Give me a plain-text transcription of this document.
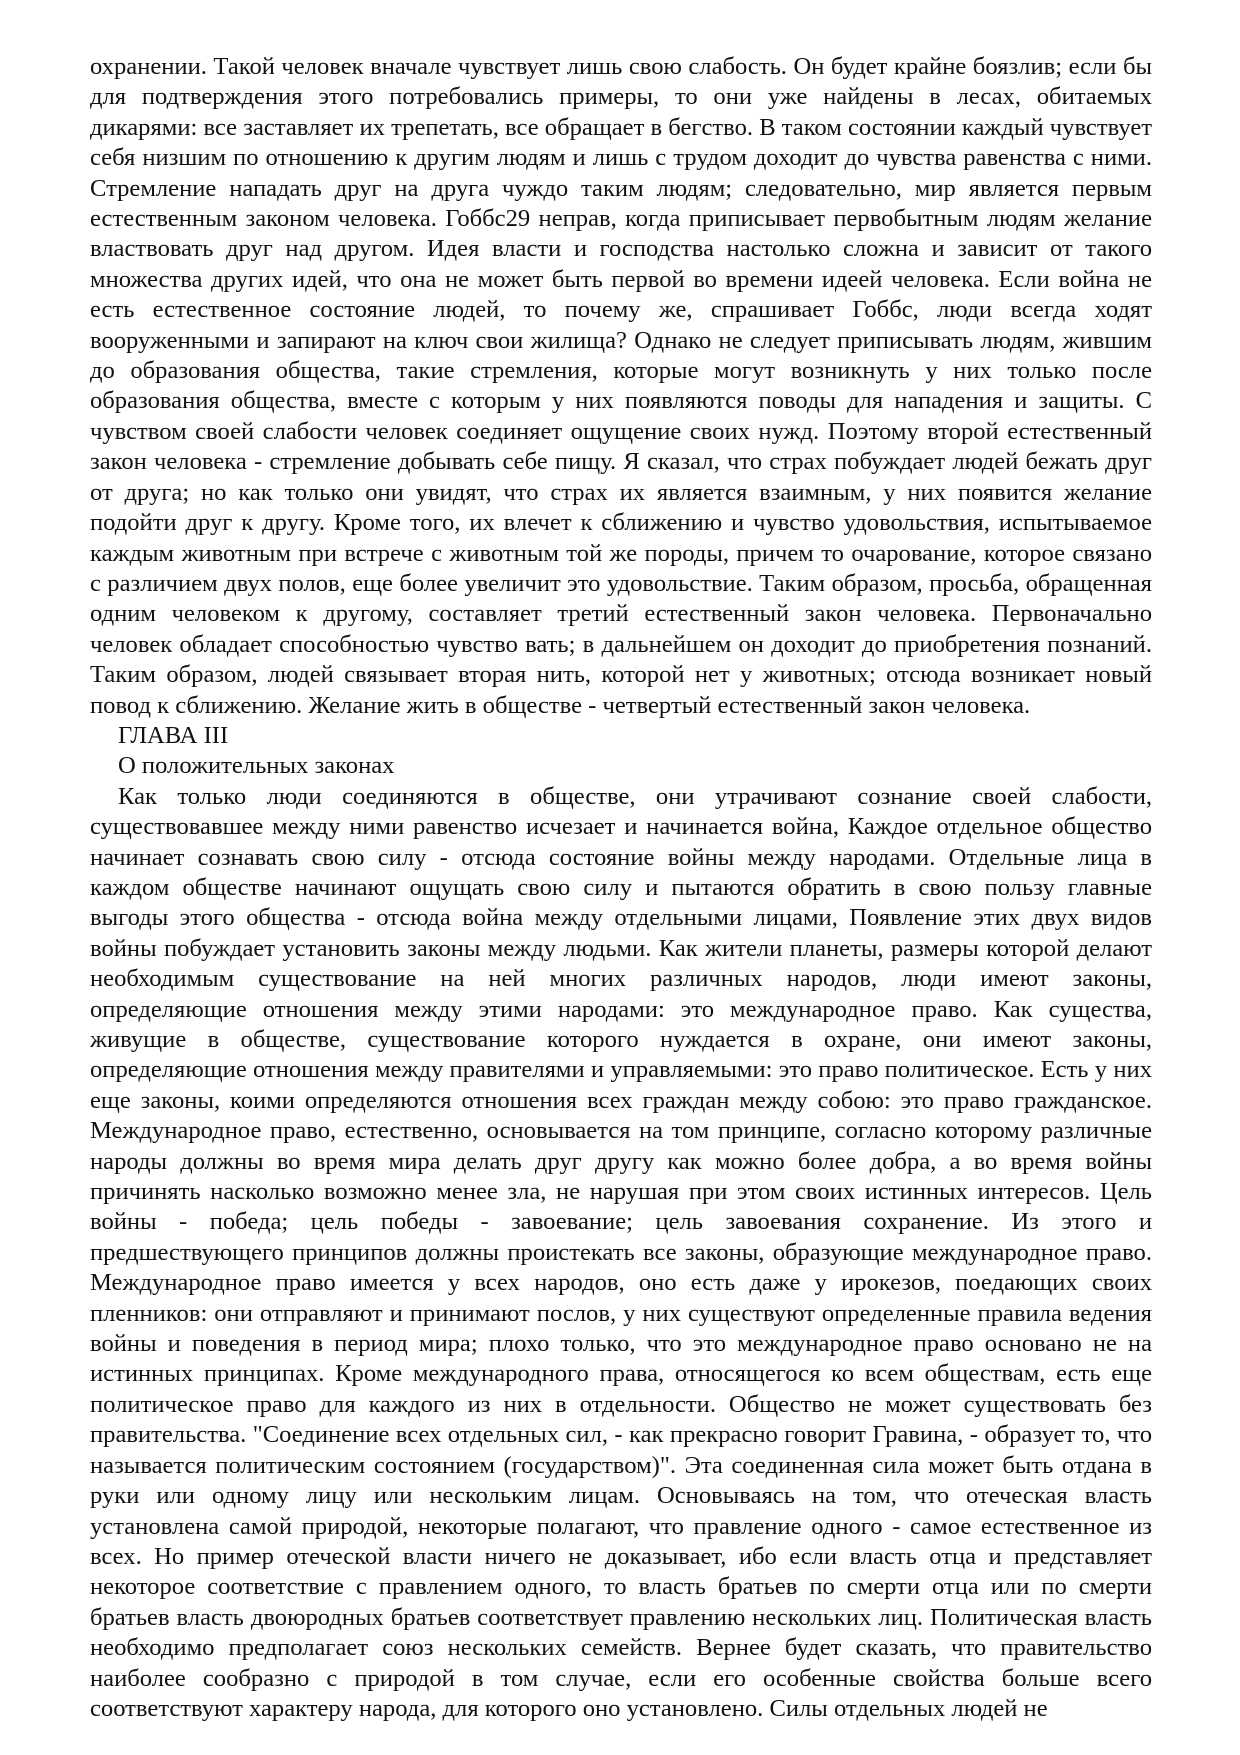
охранении. Такой человек вначале чувствует лишь свою слабость. Он будет крайне боязлив; если бы для подтверждения этого потребовались примеры, то они уже найдены в лесах, обитаемых дикарями: все заставляет их трепетать, все обращает в бегство. В таком состоянии каждый чувствует себя низшим по отношению к другим людям и лишь с трудом доходит до чувства равенства с ними. Стремление нападать друг на друга чуждо таким людям; следовательно, мир является первым естественным законом человека. Гоббс29 неправ, когда приписывает первобытным людям желание властвовать друг над другом. Идея власти и господства настолько сложна и зависит от такого множества других идей, что она не может быть первой во времени идеей человека. Если война не есть естественное состояние людей, то почему же, спрашивает Гоббс, люди всегда ходят вооруженными и запирают на ключ свои жилища? Однако не следует приписывать людям, жившим до образования общества, такие стремления, которые могут возникнуть у них только после образования общества, вместе с которым у них появляются поводы для нападения и защиты. С чувством своей слабости человек соединяет ощущение своих нужд. Поэтому второй естественный закон человека - стремление добывать себе пищу. Я сказал, что страх побуждает людей бежать друг от друга; но как только они увидят, что страх их является взаимным, у них появится желание подойти друг к другу. Кроме того, их влечет к сближению и чувство удовольствия, испытываемое каждым животным при встрече с животным той же породы, причем то очарование, которое связано с различием двух полов, еще более увеличит это удовольствие. Таким образом, просьба, обращенная одним человеком к другому, составляет третий естественный закон человека. Первоначально человек обладает способностью чувство вать; в дальнейшем он доходит до приобретения познаний. Таким образом, людей связывает вторая нить, которой нет у животных; отсюда возникает новый повод к сближению. Желание жить в обществе - четвертый естественный закон человека.

ГЛАВА III

О положительных законах

Как только люди соединяются в обществе, они утрачивают сознание своей слабости, существовавшее между ними равенство исчезает и начинается война, Каждое отдельное общество начинает сознавать свою силу - отсюда состояние войны между народами. Отдельные лица в каждом обществе начинают ощущать свою силу и пытаются обратить в свою пользу главные выгоды этого общества - отсюда война между отдельными лицами, Появление этих двух видов войны побуждает установить законы между людьми. Как жители планеты, размеры которой делают необходимым существование на ней многих различных народов, люди имеют законы, определяющие отношения между этими народами: это международное право. Как существа, живущие в обществе, существование которого нуждается в охране, они имеют законы, определяющие отношения между правителями и управляемыми: это право политическое. Есть у них еще законы, коими определяются отношения всех граждан между собою: это право гражданское. Международное право, естественно, основывается на том принципе, согласно которому различные народы должны во время мира делать друг другу как можно более добра, а во время войны причинять насколько возможно менее зла, не нарушая при этом своих истинных интересов. Цель войны - победа; цель победы - завоевание; цель завоевания сохранение. Из этого и предшествующего принципов должны проистекать все законы, образующие международное право. Международное право имеется у всех народов, оно есть даже у ирокезов, поедающих своих пленников: они отправляют и принимают послов, у них существуют определенные правила ведения войны и поведения в период мира; плохо только, что это международное право основано не на истинных принципах. Кроме международного права, относящегося ко всем обществам, есть еще политическое право для каждого из них в отдельности. Общество не может существовать без правительства. "Соединение всех отдельных сил, - как прекрасно говорит Гравина, - образует то, что называется политическим состоянием (государством)". Эта соединенная сила может быть отдана в руки или одному лицу или нескольким лицам. Основываясь на том, что отеческая власть установлена самой природой, некоторые полагают, что правление одного - самое естественное из всех. Но пример отеческой власти ничего не доказывает, ибо если власть отца и представляет некоторое соответствие с правлением одного, то власть братьев по смерти отца или по смерти братьев власть двоюродных братьев соответствует правлению нескольких лиц. Политическая власть необходимо предполагает союз нескольких семейств. Вернее будет сказать, что правительство наиболее сообразно с природой в том случае, если его особенные свойства больше всего соответствуют характеру народа, для которого оно установлено. Силы отдельных людей не
